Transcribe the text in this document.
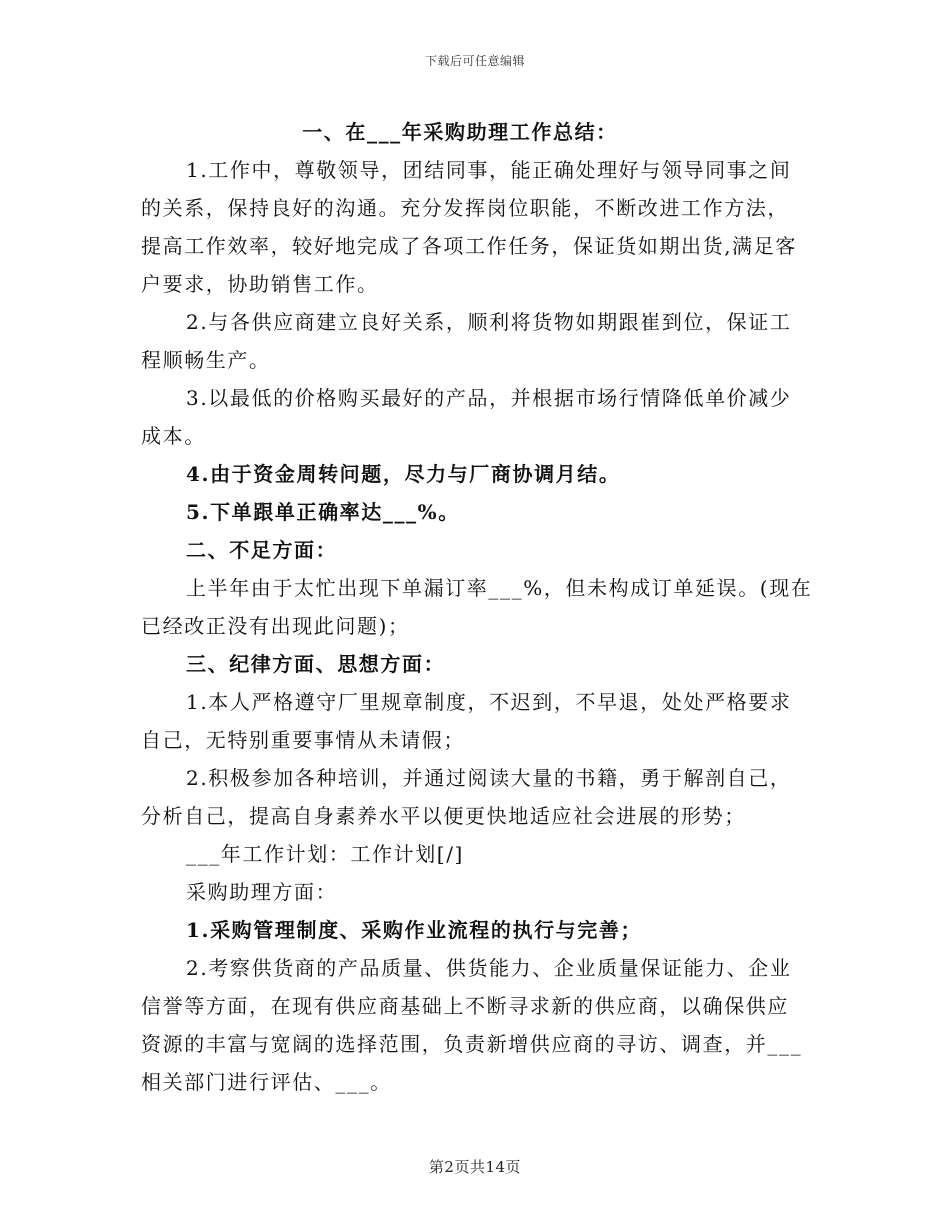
下载后可任意编辑
一、在___年采购助理工作总结：
1.工作中，尊敬领导，团结同事，能正确处理好与领导同事之间
的关系，保持良好的沟通。充分发挥岗位职能，不断改进工作方法，
提高工作效率，较好地完成了各项工作任务，保证货如期出货,满足客
户要求，协助销售工作。
2.与各供应商建立良好关系，顺利将货物如期跟崔到位，保证工
程顺畅生产。
3.以最低的价格购买最好的产品，并根据市场行情降低单价减少
成本。
4.由于资金周转问题，尽力与厂商协调月结。
5.下单跟单正确率达___%。
二、不足方面：
上半年由于太忙出现下单漏订率___%，但未构成订单延误。(现在
已经改正没有出现此问题)；
三、纪律方面、思想方面：
1.本人严格遵守厂里规章制度，不迟到，不早退，处处严格要求
自己，无特别重要事情从未请假；
2.积极参加各种培训，并通过阅读大量的书籍，勇于解剖自己，
分析自己，提高自身素养水平以便更快地适应社会进展的形势；
___年工作计划：工作计划[/]
采购助理方面：
1.采购管理制度、采购作业流程的执行与完善；
2.考察供货商的产品质量、供货能力、企业质量保证能力、企业
信誉等方面，在现有供应商基础上不断寻求新的供应商，以确保供应
资源的丰富与宽阔的选择范围，负责新增供应商的寻访、调查，并___
相关部门进行评估、___。
第2页共14页
